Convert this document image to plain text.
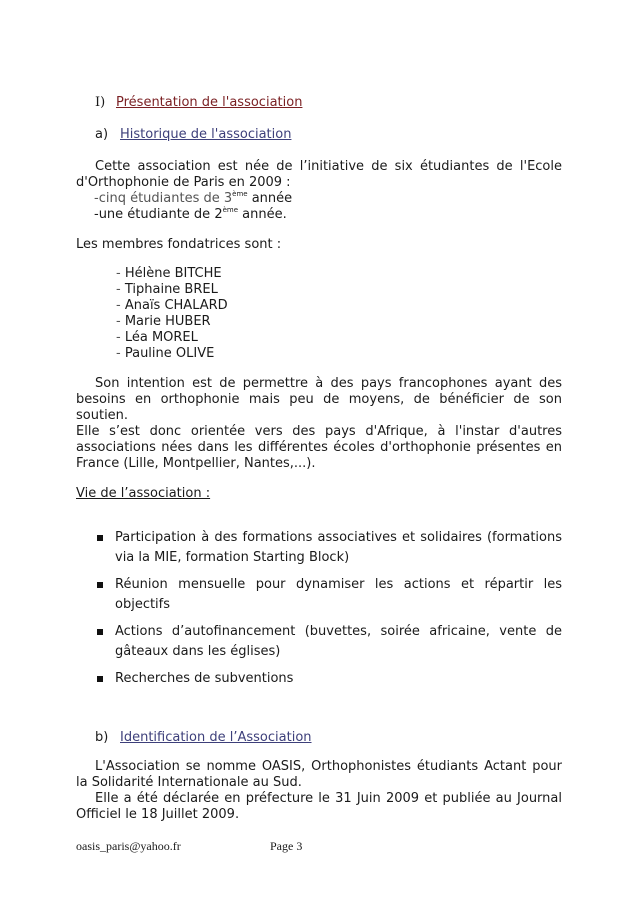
I) Présentation de l'association
a) Historique de l'association
Cette association est née de l’initiative de six étudiantes de l'Ecole
d'Orthophonie de Paris en 2009 :
-cinq étudiantes de 3ème année
-une étudiante de 2ème année.
Les membres fondatrices sont :
- Hélène BITCHE
- Tiphaine BREL
- Anaïs CHALARD
- Marie HUBER
- Léa MOREL
- Pauline OLIVE
Son intention est de permettre à des pays francophones ayant des
besoins en orthophonie mais peu de moyens, de bénéficier de son soutien.
Elle s’est donc orientée vers des pays d'Afrique, à l'instar d'autres
associations nées dans les différentes écoles d'orthophonie présentes en
France (Lille, Montpellier, Nantes,...).
Vie de l’association :
Participation à des formations associatives et solidaires (formations via la MIE, formation Starting Block)
Réunion mensuelle pour dynamiser les actions et répartir les objectifs
Actions d’autofinancement (buvettes, soirée africaine, vente de gâteaux dans les églises)
Recherches de subventions
b) Identification de l’Association
L'Association se nomme OASIS, Orthophonistes étudiants Actant pour
la Solidarité Internationale au Sud.
Elle a été déclarée en préfecture le 31 Juin 2009 et publiée au Journal
Officiel le 18 Juillet 2009.
oasis_paris@yahoo.fr	Page 3
